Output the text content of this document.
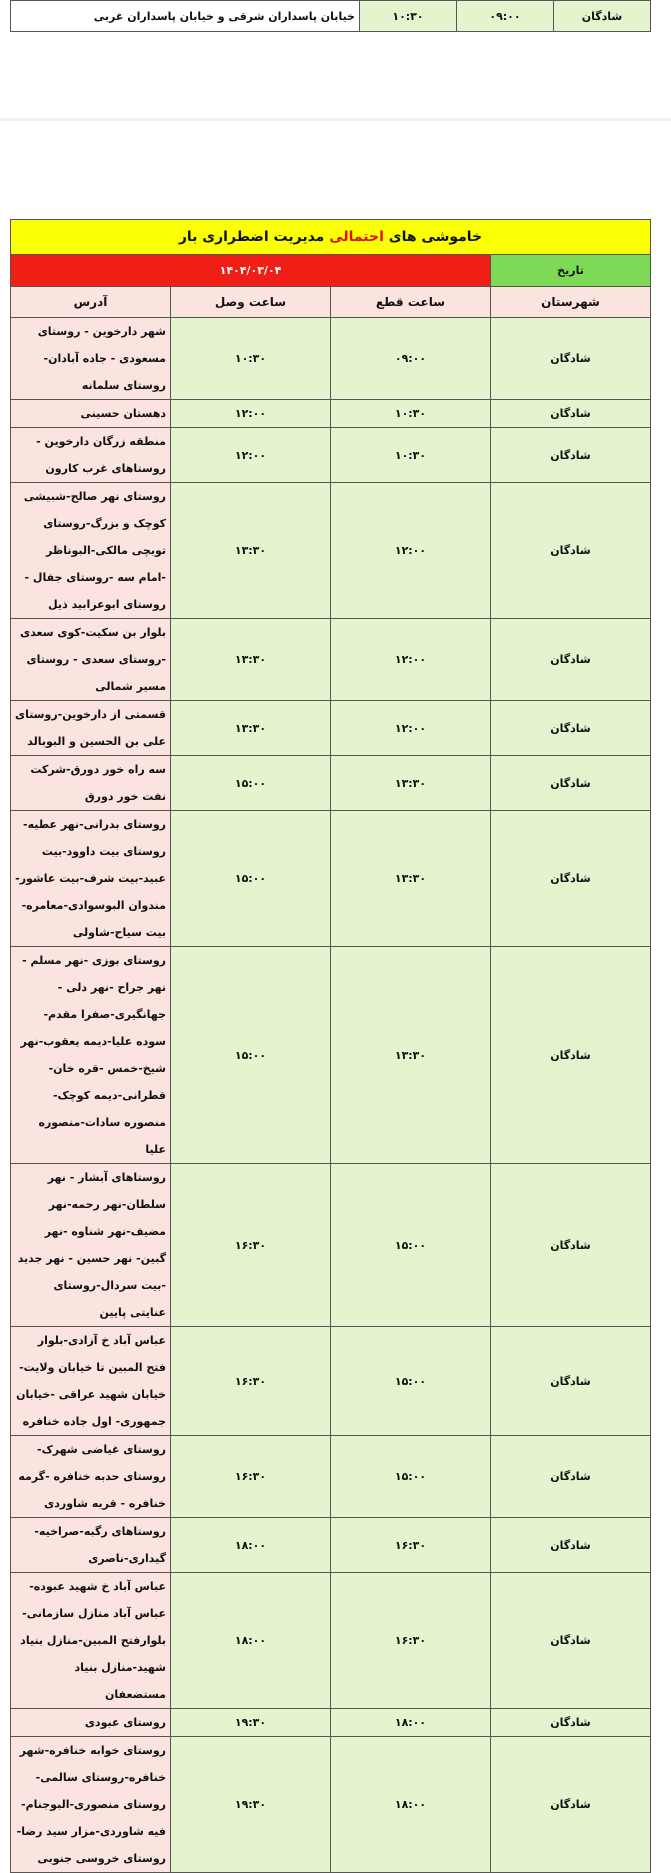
شادگان	۰۹:۰۰	۱۰:۳۰	خیابان پاسداران شرقی و خیابان پاسداران غربی
خاموشی های احتمالی مدیریت اضطراری بار			
تاریخ	۱۴۰۴/۰۳/۰۴		
شهرستان	ساعت قطع	ساعت وصل	آدرس
شادگان	۰۹:۰۰	۱۰:۳۰	شهر دارخوین - روستای مسعودی - جاده آبادان- روستای سلمانه
شادگان	۱۰:۳۰	۱۲:۰۰	دهستان حسینی
شادگان	۱۰:۳۰	۱۲:۰۰	منطقه زرگان دارخوین - روستاهای غرب کارون
شادگان	۱۲:۰۰	۱۳:۳۰	روستای نهر صالح-شبیشی کوچک و بزرگ-روستای توبچی مالکی-البوناظر -امام سه -روستای جفال - روستای ابوعرابید ذیل
شادگان	۱۲:۰۰	۱۳:۳۰	بلوار بن سکیت-کوی سعدی -روستای سعدی - روستای مسیر شمالی
شادگان	۱۲:۰۰	۱۳:۳۰	قسمتی از دارخوین-روستای علی بن الحسین و البوبالد
شادگان	۱۳:۳۰	۱۵:۰۰	سه راه خور دورق-شرکت نفت خور دورق
شادگان	۱۳:۳۰	۱۵:۰۰	روستای بدرانی-نهر عطیه-روستای بیت داوود-بیت عبید-بیت شرف-بیت عاشور-مندوان البوسوادی-معامره-بیت سیاح-شاولی
شادگان	۱۳:۳۰	۱۵:۰۰	روستای بوزی -نهر مسلم - نهر جراح -نهر دلی - جهانگیری-صفرا مقدم-سوده علیا-دیمه یعقوب-نهر شیخ-خمس -قره خان-قطرانی-دیمه کوچک-منصوره سادات-منصوره علیا
شادگان	۱۵:۰۰	۱۶:۳۰	روستاهای آبشار - نهر سلطان-نهر رحمه-نهر مضیف-نهر شناوه -نهر گبین- نهر حسین - نهر جدید -بیت سردال-روستای عنایتی پایین
شادگان	۱۵:۰۰	۱۶:۳۰	عباس آباد خ آزادی-بلوار فتح المبین تا خیابان ولایت-خیابان شهید عراقی -خیابان جمهوری- اول جاده خنافره
شادگان	۱۵:۰۰	۱۶:۳۰	روستای غیاضی شهرک-روستای حدبه خنافره -گرمه خنافره - قریه شاوردی
شادگان	۱۶:۳۰	۱۸:۰۰	روستاهای رگبه-صراخیه-گیداری-ناصری
شادگان	۱۶:۳۰	۱۸:۰۰	عباس آباد خ شهید عبوده-عباس آباد منازل سازمانی-بلوارفتح المبین-منازل بنیاد شهید-منازل بنیاد مستضعفان
شادگان	۱۸:۰۰	۱۹:۳۰	روستای عبودی
شادگان	۱۸:۰۰	۱۹:۳۰	روستای خوابه خنافره-شهر خنافره-روستای سالمی-روستای منصوری-البوجنام-فیه شاوردی-مزار سید رضا-روستای خروسی جنوبی
